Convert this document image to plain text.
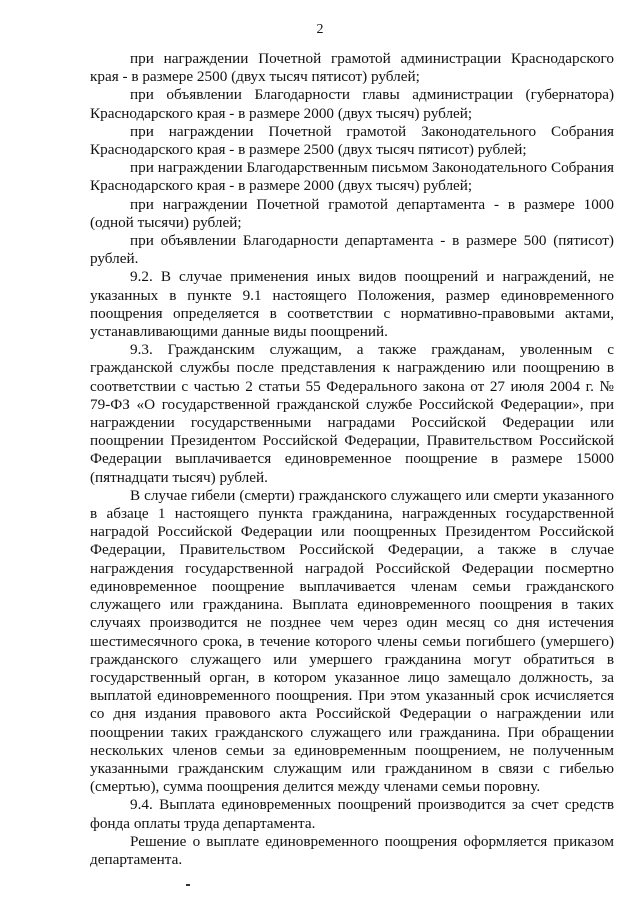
2

при награждении Почетной грамотой администрации Краснодарского края - в размере 2500 (двух тысяч пятисот) рублей;

при объявлении Благодарности главы администрации (губернатора) Краснодарского края - в размере 2000 (двух тысяч) рублей;

при награждении Почетной грамотой Законодательного Собрания Краснодарского края - в размере 2500 (двух тысяч пятисот) рублей;

при награждении Благодарственным письмом Законодательного Собрания Краснодарского края - в размере 2000 (двух тысяч) рублей;

при награждении Почетной грамотой департамента - в размере 1000 (одной тысячи) рублей;

при объявлении Благодарности департамента - в размере 500 (пятисот) рублей.

9.2. В случае применения иных видов поощрений и награждений, не указанных в пункте 9.1 настоящего Положения, размер единовременного поощрения определяется в соответствии с нормативно-правовыми актами, устанавливающими данные виды поощрений.

9.3. Гражданским служащим, а также гражданам, уволенным с гражданской службы после представления к награждению или поощрению в соответствии с частью 2 статьи 55 Федерального закона от 27 июля 2004 г. № 79-ФЗ «О государственной гражданской службе Российской Федерации», при награждении государственными наградами Российской Федерации или поощрении Президентом Российской Федерации, Правительством Российской Федерации выплачивается единовременное поощрение в размере 15000 (пятнадцати тысяч) рублей.

В случае гибели (смерти) гражданского служащего или смерти указанного в абзаце 1 настоящего пункта гражданина, награжденных государственной наградой Российской Федерации или поощренных Президентом Российской Федерации, Правительством Российской Федерации, а также в случае награждения государственной наградой Российской Федерации посмертно единовременное поощрение выплачивается членам семьи гражданского служащего или гражданина. Выплата единовременного поощрения в таких случаях производится не позднее чем через один месяц со дня истечения шестимесячного срока, в течение которого члены семьи погибшего (умершего) гражданского служащего или умершего гражданина могут обратиться в государственный орган, в котором указанное лицо замещало должность, за выплатой единовременного поощрения. При этом указанный срок исчисляется со дня издания правового акта Российской Федерации о награждении или поощрении таких гражданского служащего или гражданина. При обращении нескольких членов семьи за единовременным поощрением, не полученным указанными гражданским служащим или гражданином в связи с гибелью (смертью), сумма поощрения делится между членами семьи поровну.

9.4. Выплата единовременных поощрений производится за счет средств фонда оплаты труда департамента.

Решение о выплате единовременного поощрения оформляется приказом департамента.
